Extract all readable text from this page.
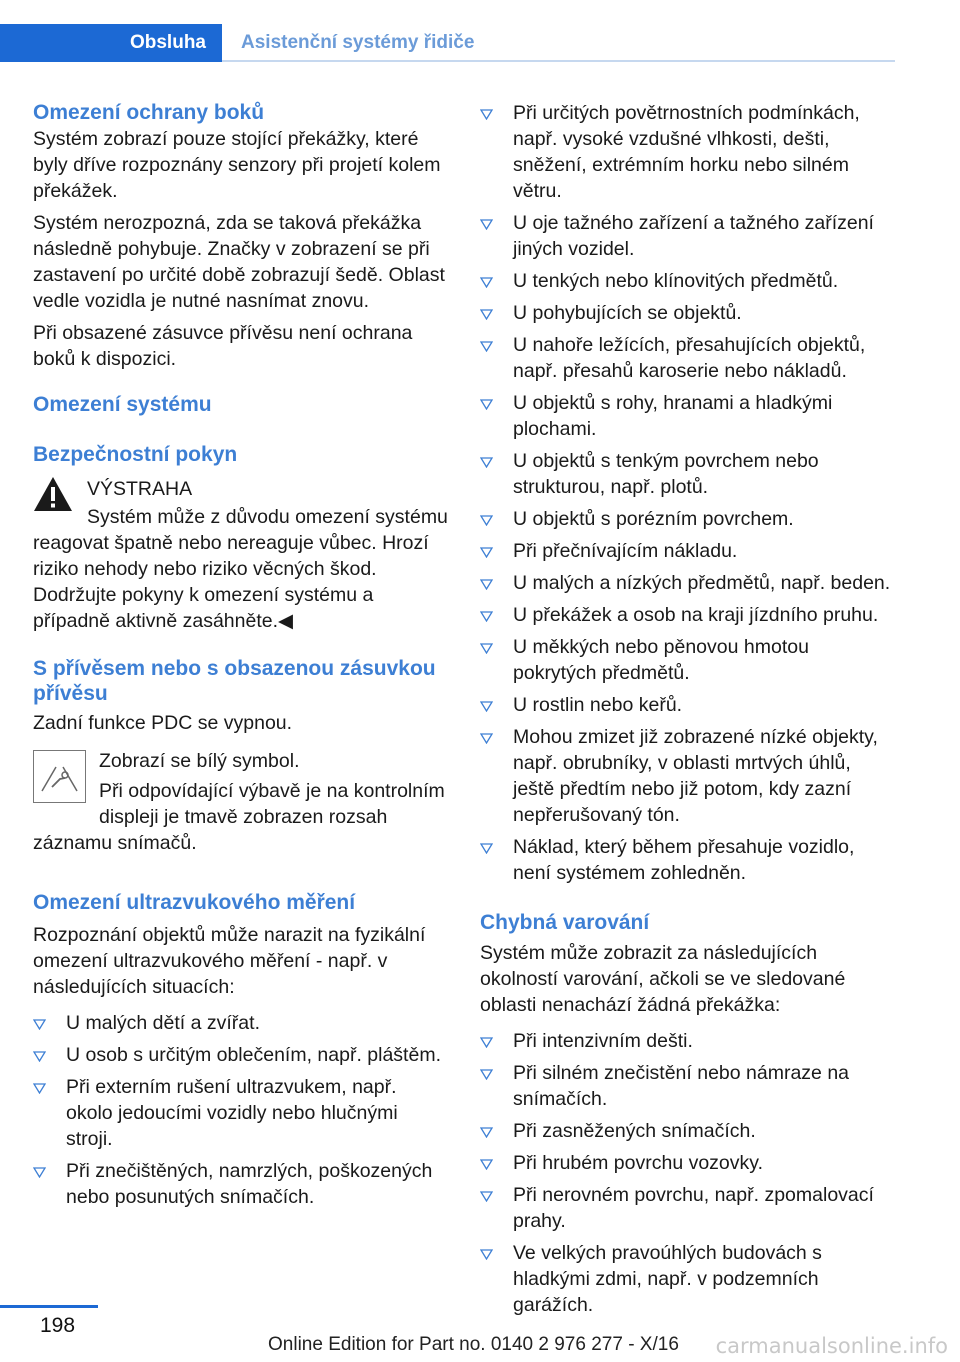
Obsluha	Asistenční systémy řidiče
Omezení ochrany boků

Systém zobrazí pouze stojící překážky, které byly dříve rozpoznány senzory při projetí kolem překážek.

Systém nerozpozná, zda se taková překážka následně pohybuje. Značky v zobrazení se při zastavení po určité době zobrazují šedě. Oblast vedle vozidla je nutné nasnímat znovu.

Při obsazené zásuvce přívěsu není ochrana boků k dispozici.

Omezení systému
Bezpečnostní pokyn

VÝSTRAHA

Systém může z důvodu omezení systému reagovat špatně nebo nereaguje vůbec. Hrozí riziko nehody nebo riziko věcných škod. Dodržujte pokyny k omezení systému a případně aktivně zasáhněte.◀

S přívěsem nebo s obsazenou zásuvkou přívěsu

Zadní funkce PDC se vypnou.

Zobrazí se bílý symbol.

Při odpovídající výbavě je na kontrolním displeji je tmavě zobrazen rozsah záznamu snímačů.

Omezení ultrazvukového měření

Rozpoznání objektů může narazit na fyzikální omezení ultrazvukového měření - např. v následujících situacích:

U malých dětí a zvířat.
U osob s určitým oblečením, např. pláštěm.
Při externím rušení ultrazvukem, např. okolo jedoucími vozidly nebo hlučnými stroji.
Při znečištěných, namrzlých, poškozených nebo posunutých snímačích.
Při určitých povětrnostních podmínkách, např. vysoké vzdušné vlhkosti, dešti, sněžení, extrémním horku nebo silném větru.
U oje tažného zařízení a tažného zařízení jiných vozidel.
U tenkých nebo klínovitých předmětů.
U pohybujících se objektů.
U nahoře ležících, přesahujících objektů, např. přesahů karoserie nebo nákladů.
U objektů s rohy, hranami a hladkými plochami.
U objektů s tenkým povrchem nebo strukturou, např. plotů.
U objektů s porézním povrchem.
Při přečnívajícím nákladu.
U malých a nízkých předmětů, např. beden.
U překážek a osob na kraji jízdního pruhu.
U měkkých nebo pěnovou hmotou pokrytých předmětů.
U rostlin nebo keřů.
Mohou zmizet již zobrazené nízké objekty, např. obrubníky, v oblasti mrtvých úhlů, ještě předtím nebo již potom, kdy zazní nepřerušovaný tón.
Náklad, který během přesahuje vozidlo, není systémem zohledněn.
Chybná varování

Systém může zobrazit za následujících okolností varování, ačkoli se ve sledované oblasti nenachází žádná překážka:

Při intenzivním dešti.
Při silném znečistění nebo námraze na snímačích.
Při zasněžených snímačích.
Při hrubém povrchu vozovky.
Při nerovném povrchu, např. zpomalovací prahy.
Ve velkých pravoúhlých budovách s hladkými zdmi, např. v podzemních garážích.
198
Online Edition for Part no. 0140 2 976 277 - X/16 carmanualsonline.info
